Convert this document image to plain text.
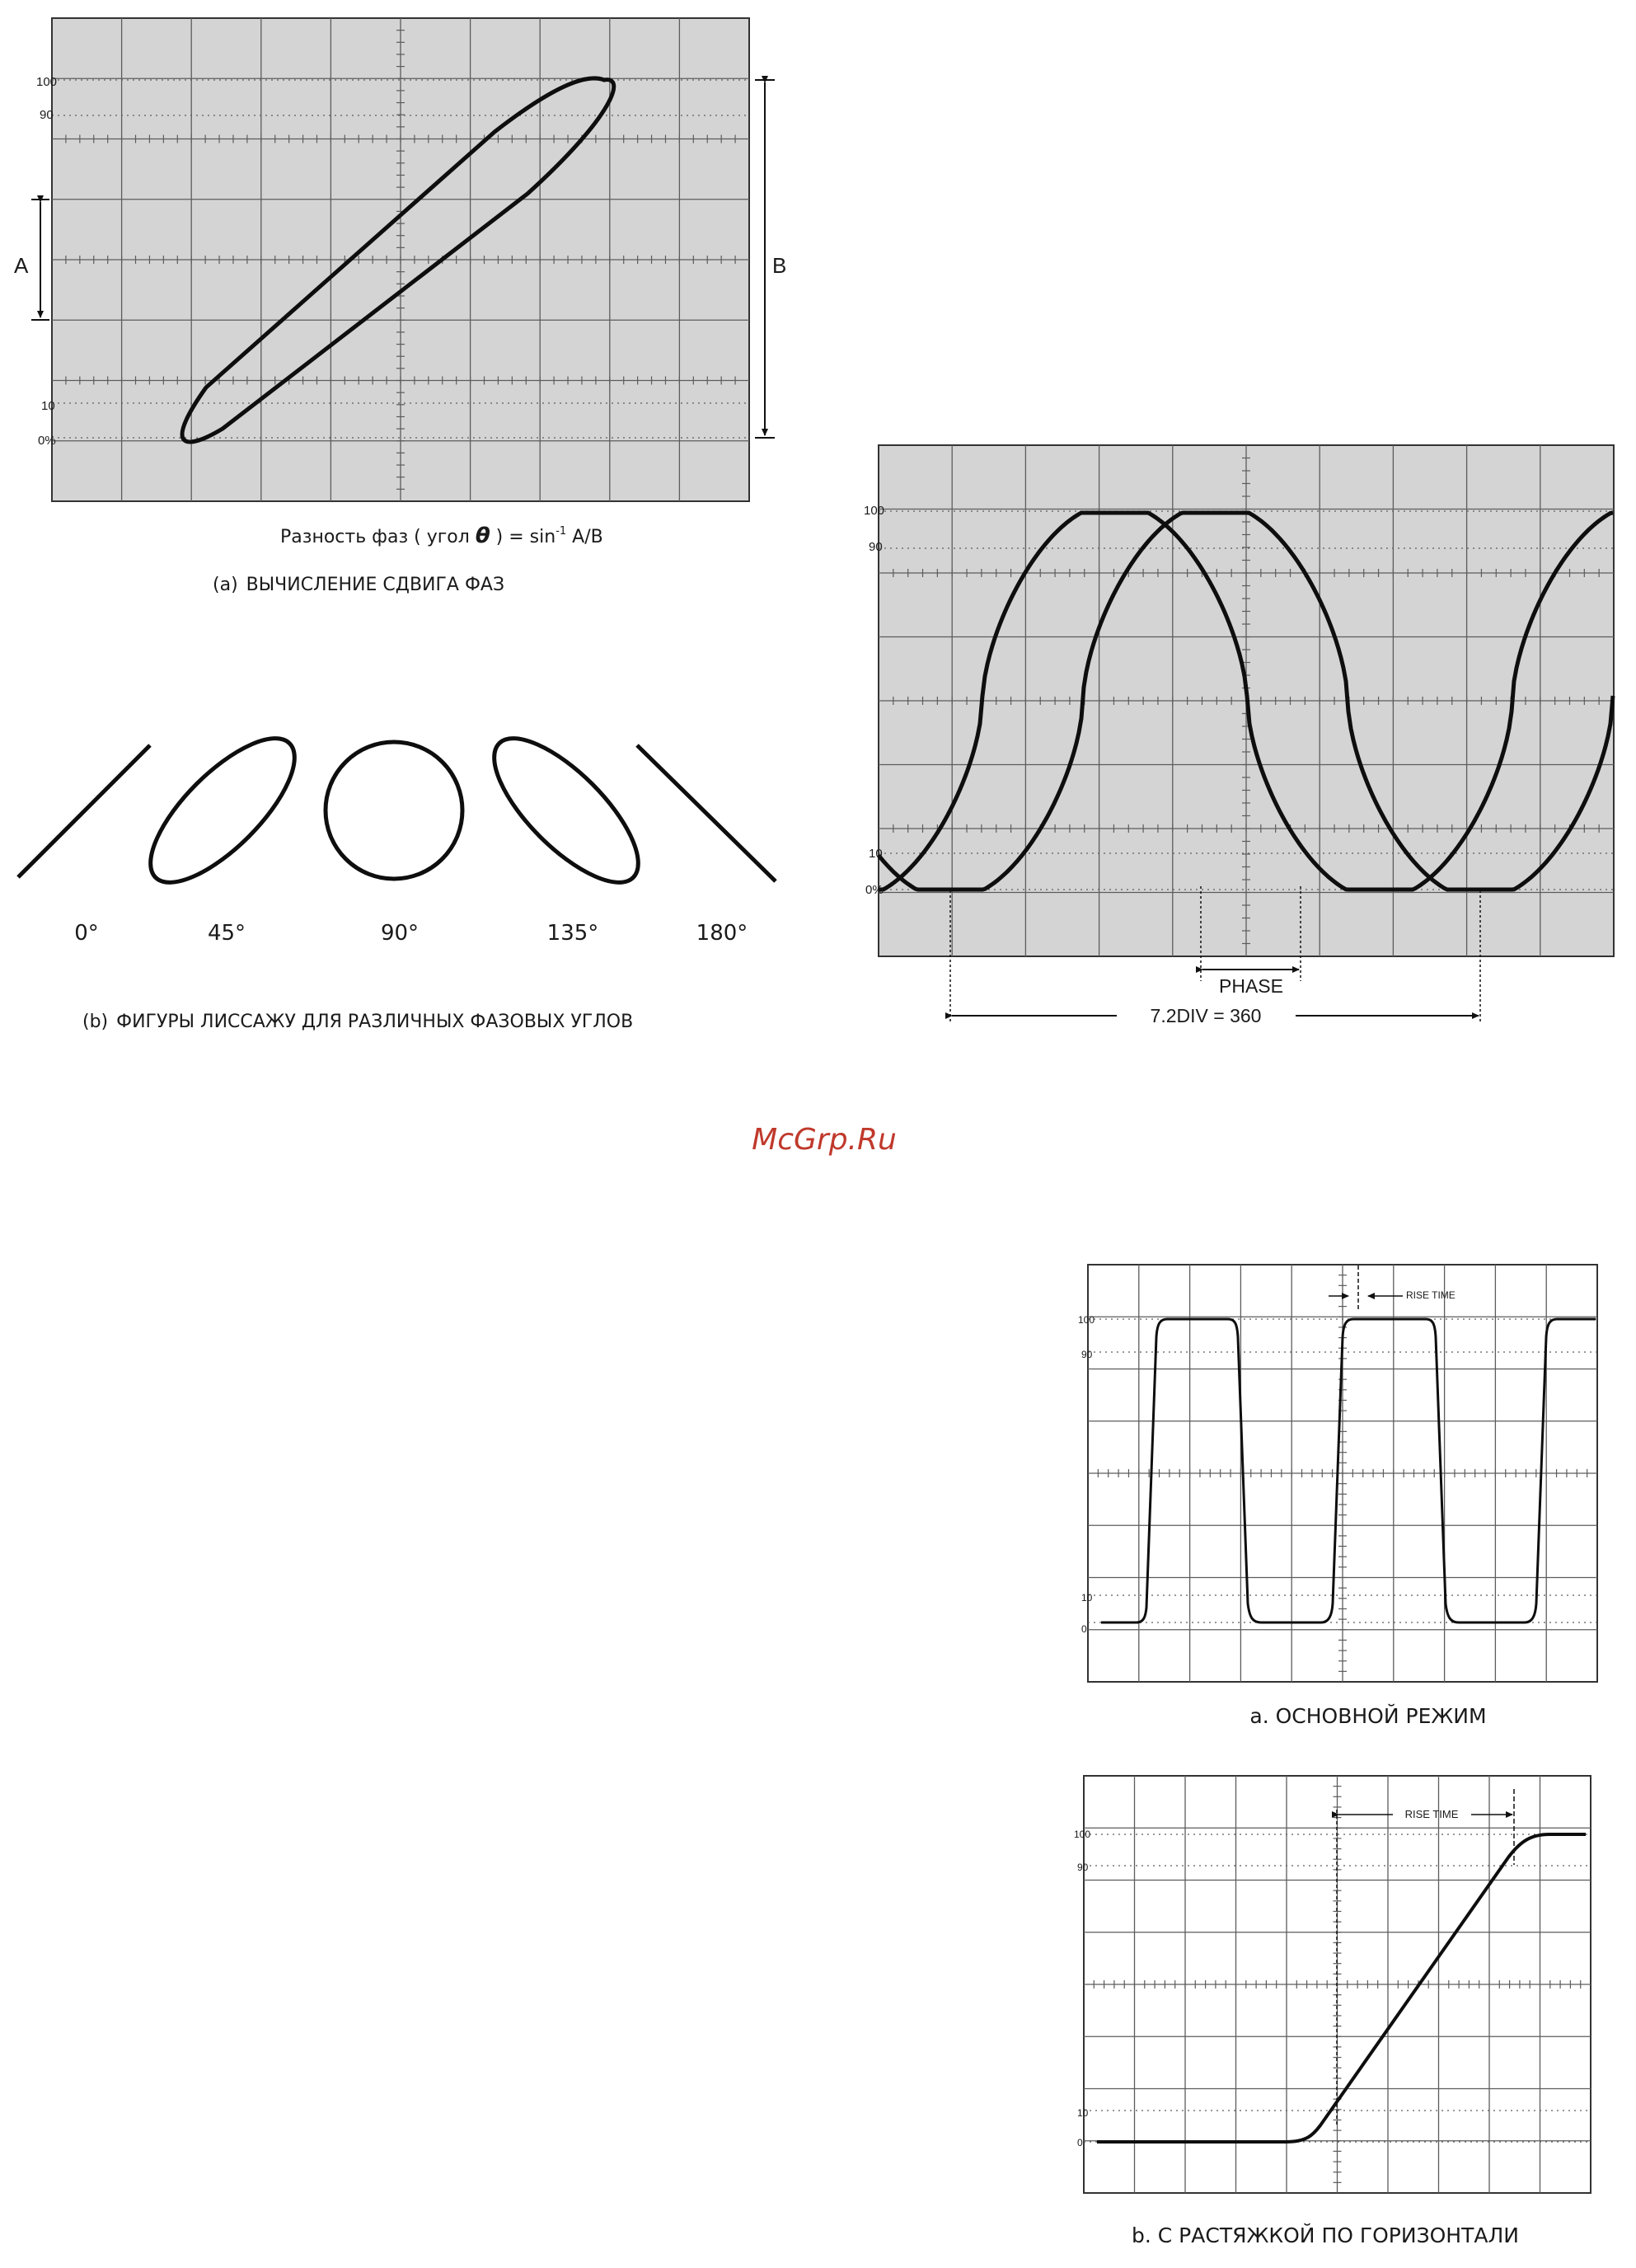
100
90
10
0%
A	B
Разность фаз ( угол θ ) = $\sin^{-1} A/B$
(a) ВЫЧИСЛЕНИЕ СДВИГА ФАЗ
0°	45°	90°	135°	180°
(b) ФИГУРЫ ЛИССАЖУ ДЛЯ РАЗЛИЧНЫХ ФАЗОВЫХ УГЛОВ
100
90
10
0%
PHASE
7.2DIV = 360
McGrp.Ru
100
90
10
0
RISE TIME
а. ОСНОВНОЙ РЕЖИМ
100
90
10
0
RISE TIME
b. С РАСТЯЖКОЙ ПО ГОРИЗОНТАЛИ
